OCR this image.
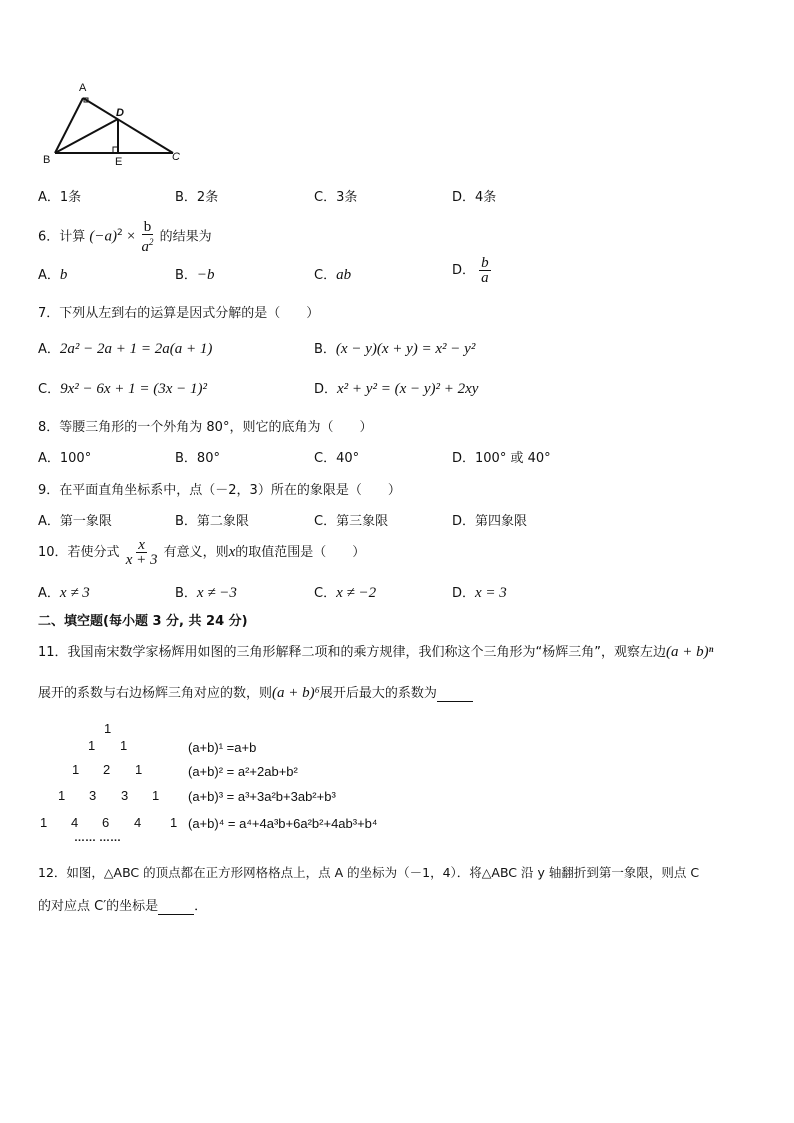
A
B	C
D
E
A．1条	B．2条	C．3条	D．4条
6．计算 $(-a)^2 \times \frac{b}{a^2}$ 的结果为
A．b	B．−b	C．ab	D． $\frac{b}{a}$
7．下列从左到右的运算是因式分解的是（　　）
A．2a² − 2a + 1 = 2a(a + 1)	B．(x − y)(x + y) = x² − y²
C．9x² − 6x + 1 = (3x − 1)²	D．x² + y² = (x − y)² + 2xy
8．等腰三角形的一个外角为 80°，则它的底角为（　　）
A．100°	B．80°	C．40°	D．100° 或 40°
9．在平面直角坐标系中，点（－2，3）所在的象限是（　　）
A．第一象限	B．第二象限	C．第三象限	D．第四象限
10．若使分式 $\frac{x}{x + 3}$ 有意义，则x的取值范围是（　　）
A．x ≠ 3	B．x ≠ −3	C．x ≠ −2	D．x = 3
二、填空题(每小题 3 分, 共 24 分)
11．我国南宋数学家杨辉用如图的三角形解释二项和的乘方规律，我们称这个三角形为“杨辉三角”，观察左边(a + b)ⁿ
展开的系数与右边杨辉三角对应的数，则(a + b)⁶展开后最大的系数为
1
1 1
1 2 1
1 3 3 1
1 4 6 4 1
…… ……
(a+b)¹ =a+b
(a+b)² = a²+2ab+b²
(a+b)³ = a³+3a²b+3ab²+b³
(a+b)⁴ = a⁴+4a³b+6a²b²+4ab³+b⁴
12．如图，△ABC 的顶点都在正方形网格格点上，点 A 的坐标为（－1，4）．将△ABC 沿 y 轴翻折到第一象限，则点 C
的对应点 C′的坐标是	．
